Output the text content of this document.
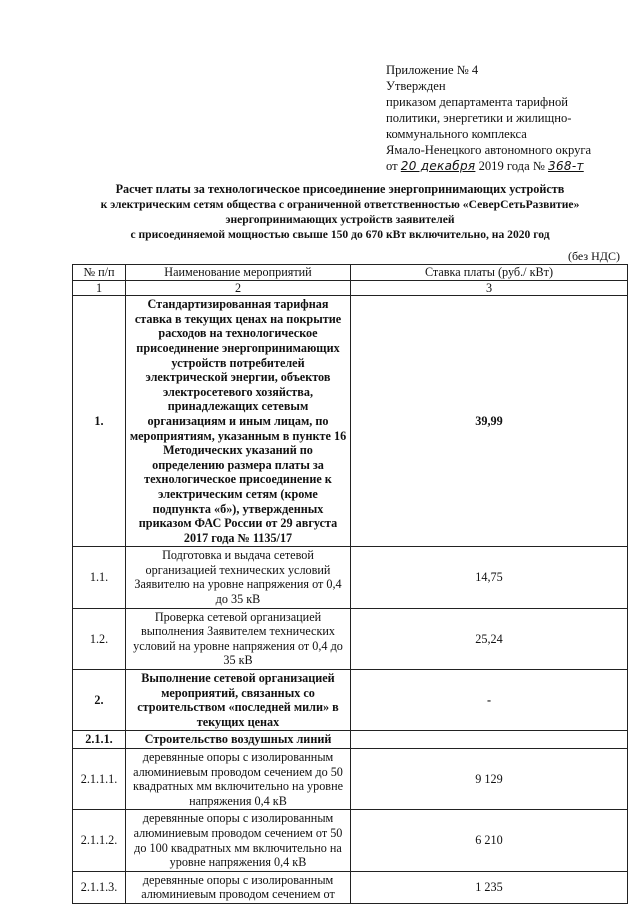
Приложение № 4
Утвержден
приказом департамента тарифной
политики, энергетики и жилищно-
коммунального комплекса
Ямало-Ненецкого автономного округа
от 20 декабря 2019 года № 368-т
Расчет платы за технологическое присоединение энергопринимающих устройств
к электрическим сетям общества с ограниченной ответственностью «СеверСетьРазвитие»
энергопринимающих устройств заявителей
с присоединяемой мощностью свыше 150 до 670 кВт включительно, на 2020 год
(без НДС)
№ п/п	Наименование мероприятий	Ставка платы (руб./ кВт)
1	2	3
1.	Стандартизированная тарифная ставка в текущих ценах на покрытие расходов на технологическое присоединение энергопринимающих устройств потребителей электрической энергии, объектов электросетевого хозяйства, принадлежащих сетевым организациям и иным лицам, по мероприятиям, указанным в пункте 16 Методических указаний по определению размера платы за технологическое присоединение к электрическим сетям (кроме подпункта «б»), утвержденных приказом ФАС России от 29 августа 2017 года № 1135/17	39,99
1.1.	Подготовка и выдача сетевой организацией технических условий Заявителю на уровне напряжения от 0,4 до 35 кВ	14,75
1.2.	Проверка сетевой организацией выполнения Заявителем технических условий на уровне напряжения от 0,4 до 35 кВ	25,24
2.	Выполнение сетевой организацией мероприятий, связанных со строительством «последней мили» в текущих ценах	-
2.1.1.	Строительство воздушных линий	
2.1.1.1.	деревянные опоры с изолированным алюминиевым проводом сечением до 50 квадратных мм включительно на уровне напряжения 0,4 кВ	9 129
2.1.1.2.	деревянные опоры с изолированным алюминиевым проводом сечением от 50 до 100 квадратных мм включительно на уровне напряжения 0,4 кВ	6 210
2.1.1.3.	деревянные опоры с изолированным алюминиевым проводом сечением от	1 235
